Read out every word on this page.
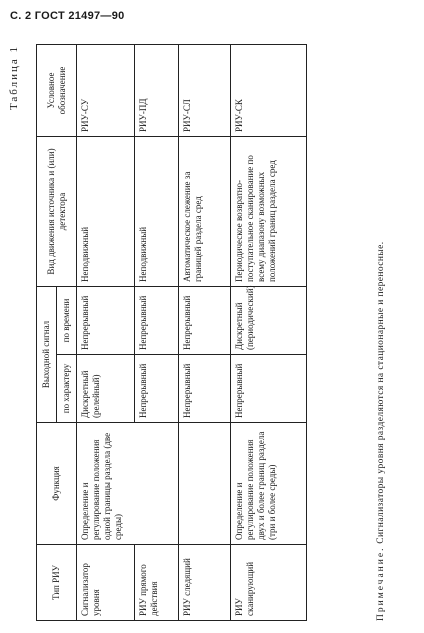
С. 2 ГОСТ 21497—90
Таблица 1
Тип РИУ	Функция	Выходной сигнал		Вид движения источника и (или) детектора	Условное обозначение
		по характеру	по времени		
Сигнализатор уровня	Определение и регулирование положения одной границы раздела (две среды)	Дискретный (релейный)	Непрерывный	Неподвижный	РИУ-СУ
РИУ прямого действия		Непрерывный	Непрерывный	Неподвижный	РИУ-ПД
РИУ следящий		Непрерывный	Непрерывный	Автоматическое слежение за границей раздела сред	РИУ-СЛ
РИУ сканирующий	Определение и регулирование положения двух и более границ раздела (три и более среды)	Непрерывный	Дискретный (периодический)	Периодическое возвратно-поступательное сканирование по всему диапазону возможных положений границ раздела сред	РИУ-СК
Примечание. Сигнализаторы уровня разделяются на стационарные и переносные.
